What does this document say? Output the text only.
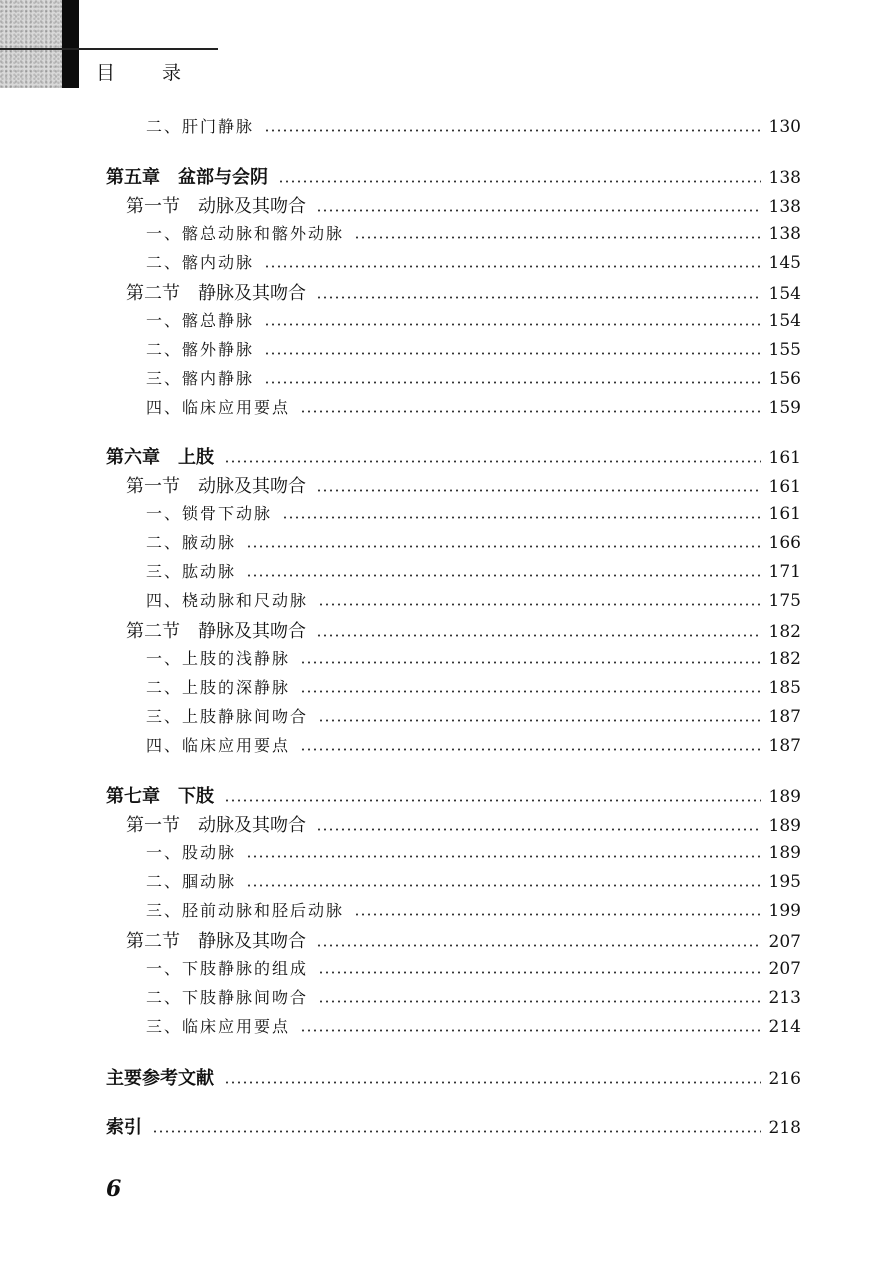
目　录
二、肝门静脉	130
第五章　盆部与会阴	138
第一节　动脉及其吻合	138
一、髂总动脉和髂外动脉	138
二、髂内动脉	145
第二节　静脉及其吻合	154
一、髂总静脉	154
二、髂外静脉	155
三、髂内静脉	156
四、临床应用要点	159
第六章　上肢	161
第一节　动脉及其吻合	161
一、锁骨下动脉	161
二、腋动脉	166
三、肱动脉	171
四、桡动脉和尺动脉	175
第二节　静脉及其吻合	182
一、上肢的浅静脉	182
二、上肢的深静脉	185
三、上肢静脉间吻合	187
四、临床应用要点	187
第七章　下肢	189
第一节　动脉及其吻合	189
一、股动脉	189
二、腘动脉	195
三、胫前动脉和胫后动脉	199
第二节　静脉及其吻合	207
一、下肢静脉的组成	207
二、下肢静脉间吻合	213
三、临床应用要点	214
主要参考文献	216
索引	218
6
